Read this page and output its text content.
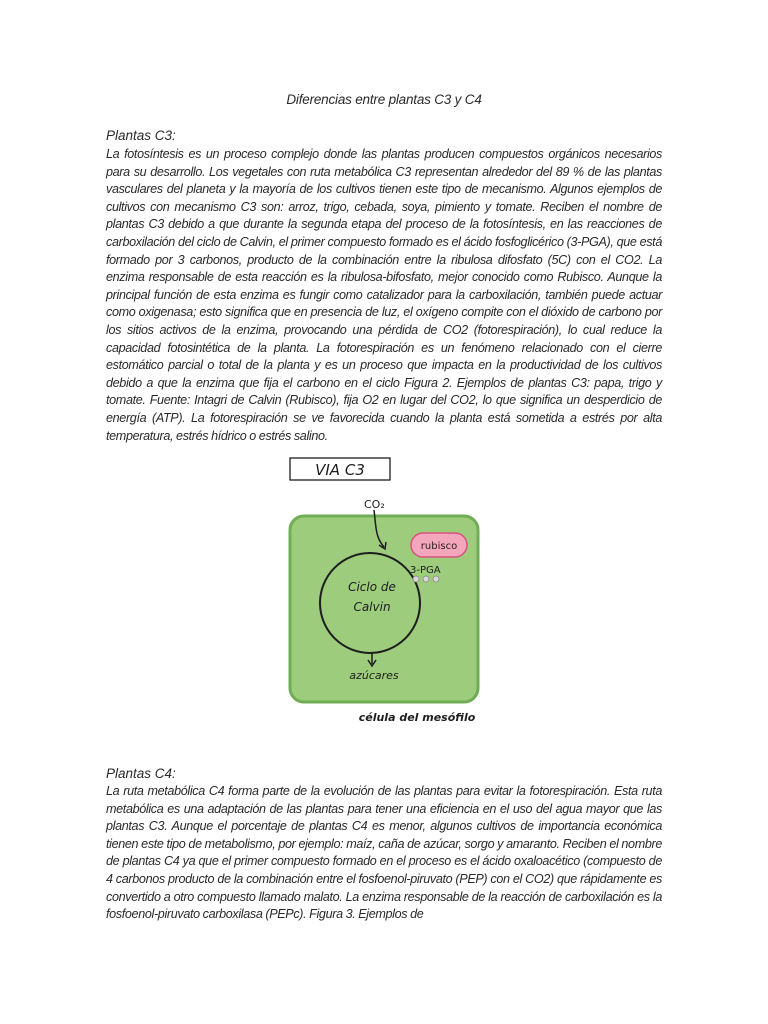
Diferencias entre plantas C3 y C4
Plantas C3:
La fotosíntesis es un proceso complejo donde las plantas producen compuestos orgánicos necesarios para su desarrollo. Los vegetales con ruta metabólica C3 representan alrededor del 89 % de las plantas vasculares del planeta y la mayoría de los cultivos tienen este tipo de mecanismo. Algunos ejemplos de cultivos con mecanismo C3 son: arroz, trigo, cebada, soya, pimiento y tomate. Reciben el nombre de plantas C3 debido a que durante la segunda etapa del proceso de la fotosíntesis, en las reacciones de carboxilación del ciclo de Calvin, el primer compuesto formado es el ácido fosfoglicérico (3-PGA), que está formado por 3 carbonos, producto de la combinación entre la ribulosa difosfato (5C) con el CO2. La enzima responsable de esta reacción es la ribulosa-bifosfato, mejor conocido como Rubisco. Aunque la principal función de esta enzima es fungir como catalizador para la carboxilación, también puede actuar como oxigenasa; esto significa que en presencia de luz, el oxígeno compite con el dióxido de carbono por los sitios activos de la enzima, provocando una pérdida de CO2 (fotorespiración), lo cual reduce la capacidad fotosintética de la planta. La fotorespiración es un fenómeno relacionado con el cierre estomático parcial o total de la planta y es un proceso que impacta en la productividad de los cultivos debido a que la enzima que fija el carbono en el ciclo Figura 2. Ejemplos de plantas C3: papa, trigo y tomate. Fuente: Intagri de Calvin (Rubisco), fija O2 en lugar del CO2, lo que significa un desperdicio de energía (ATP). La fotorespiración se ve favorecida cuando la planta está sometida a estrés por alta temperatura, estrés hídrico o estrés salino.
VIA C3
CO₂
Ciclo de
Calvin
rubisco
3-PGA
azúcares
célula del mesófilo
Plantas C4:
La ruta metabólica C4 forma parte de la evolución de las plantas para evitar la fotorespiración. Esta ruta metabólica es una adaptación de las plantas para tener una eficiencia en el uso del agua mayor que las plantas C3. Aunque el porcentaje de plantas C4 es menor, algunos cultivos de importancia económica tienen este tipo de metabolismo, por ejemplo: maíz, caña de azúcar, sorgo y amaranto. Reciben el nombre de plantas C4 ya que el primer compuesto formado en el proceso es el ácido oxaloacético (compuesto de 4 carbonos producto de la combinación entre el fosfoenol-piruvato (PEP) con el CO2) que rápidamente es convertido a otro compuesto llamado malato. La enzima responsable de la reacción de carboxilación es la fosfoenol-piruvato carboxilasa (PEPc). Figura 3. Ejemplos de
